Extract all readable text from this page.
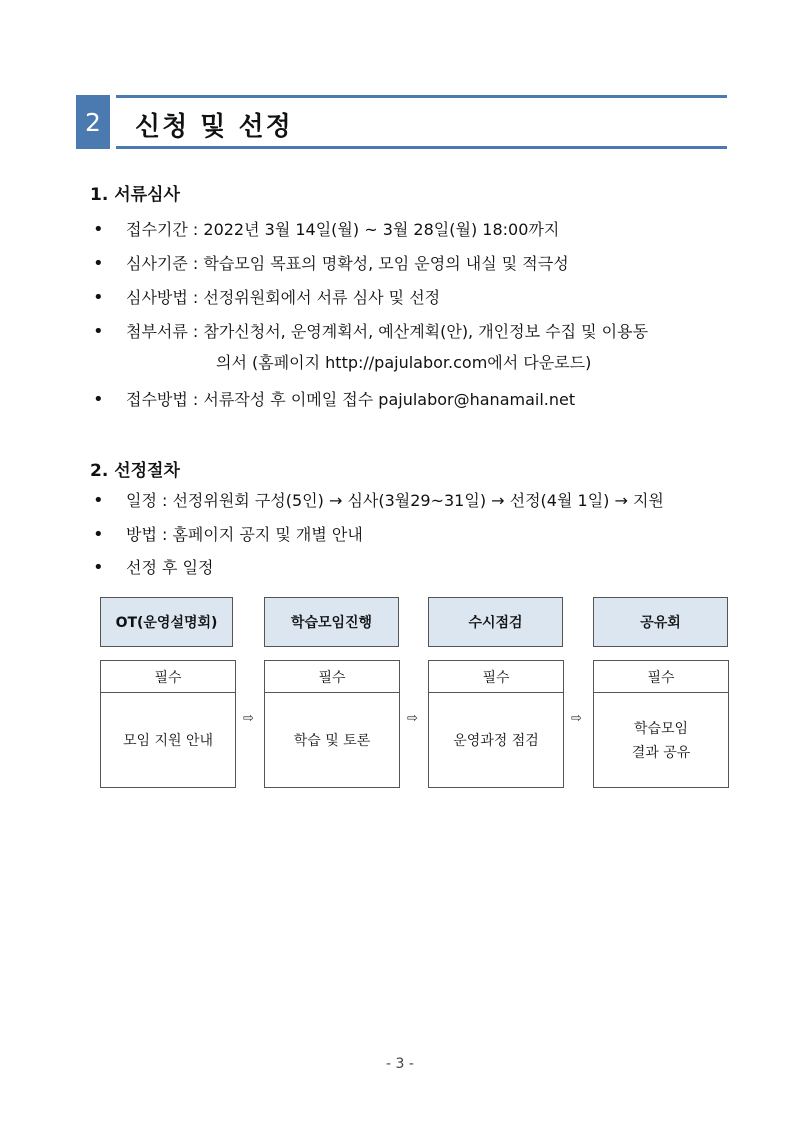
2	신청 및 선정
1. 서류심사
• 접수기간 : 2022년 3월 14일(월) ~ 3월 28일(월) 18:00까지
• 심사기준 : 학습모임 목표의 명확성, 모임 운영의 내실 및 적극성
• 심사방법 : 선정위원회에서 서류 심사 및 선정
• 첨부서류 : 참가신청서, 운영계획서, 예산계획(안), 개인정보 수집 및 이용동
의서 (홈페이지 http://pajulabor.com에서 다운로드)
• 접수방법 : 서류작성 후 이메일 접수 pajulabor@hanamail.net
2. 선정절차
• 일정 : 선정위원회 구성(5인) → 심사(3월29~31일) → 선정(4월 1일) → 지원
• 방법 : 홈페이지 공지 및 개별 안내
• 선정 후 일정
OT(운영설명회)	학습모임진행	수시점검	공유회
필수
모임 지원 안내
필수
학습 및 토론
필수
운영과정 점검
필수
학습모임
결과 공유
⇨	⇨	⇨
- 3 -
